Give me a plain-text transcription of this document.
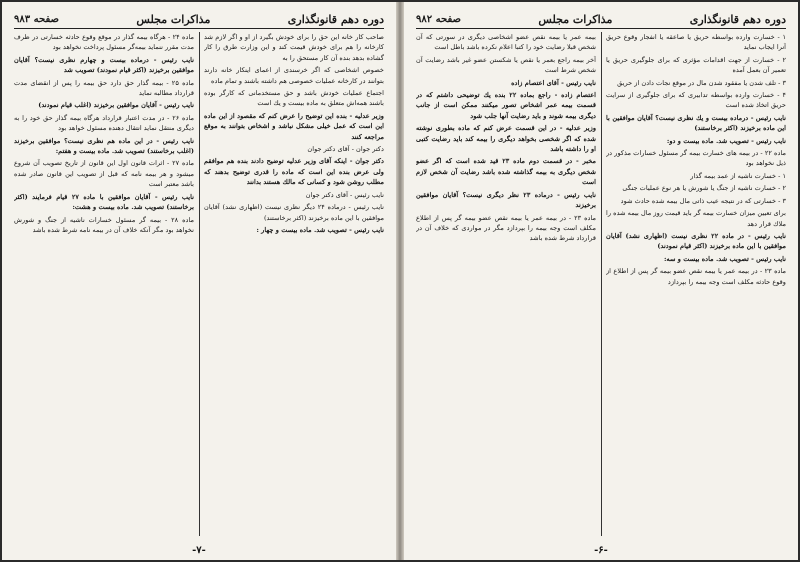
دوره دهم قانونگذاری
مذاكرات مجلس
صفحه ۹۸۳

صاحب كار خانه این حق را برای خودش بگیرد از او و اگر لازم شد كارخانه را هم برای خودش قیمت كند و این وزارت طرق را كار گشاده بدهد بنده آن كار مستحق را به

خصوص اشخاصی كه اگر خرسندی از اعمای اینكار خانه دارند بتوانند در كارخانه عملیات خصوصی هم داشته باشند و تمام ماده

اجتماع عملیات خودش باشد و حق مستخدمانی كه كارگر بوده باشند همه‌اش متعلق به ماده بیست و یك است

وزیر عدلیه - بنده این توضیح را عرض كنم كه مقصود از این ماده این است كه عمل خیلی مشكل نباشد و اشخاص بتوانند به موقع مراجعه كنند

دكتر جوان - آقای دكتر جوان

دکتر جوان - اینكه آقای وزیر عدلیه توضیح دادند بنده هم موافقم ولی عرض بنده این است كه ماده را قدری توضیح بدهند كه مطلب روشن شود و كسانی كه مالك هستند بدانند

نایب رئیس - آقای دكتر جوان

نایب رئیس - درماده ۲۴ دیگر نظری نیست (اظهاری نشد) آقایان موافقین با این ماده برخیزند (اكثر برخاستند)

نایب رئیس - تصویب شد. ماده بیست و چهار :

ماده ۲۴ - هرگاه بیمه گذار در موقع وقوع حادثه خسارتی در ظرف مدت مقرر ننماید بیمه‌گر مسئول پرداخت نخواهد بود

نایب رئیس - درماده بیست و چهارم نظری نیست؟ آقایان موافقین برخیزند (اكثر قیام نمودند) تصویب شد

ماده ۲۵ - بیمه گذار حق دارد حق بیمه را پس از انقضای مدت قرارداد مطالبه نماید

نایب رئیس - آقایان موافقین برخیزند (اغلب قیام نمودند)

ماده ۲۶ - در مدت اعتبار قرارداد هرگاه بیمه گذار حق خود را به دیگری منتقل نماید انتقال دهنده مسئول خواهد بود

نایب رئیس - در این ماده هم نظری نیست؟ موافقین برخیزند (اغلب برخاستند) تصویب شد. ماده بیست و هفتم:

ماده ۲۷ - اثرات قانون اول این قانون از تاریخ تصویب آن شروع میشود و هر بیمه نامه كه قبل از تصویب این قانون صادر شده باشد معتبر است

نایب رئیس - آقایان موافقین با ماده ۲۷ قیام فرمایند (اكثر برخاستند) تصویب شد. ماده بیست و هشت:

ماده ۲۸ - بیمه گر مسئول خسارات ناشیه از جنگ و شورش نخواهد بود مگر آنكه خلاف آن در بیمه نامه شرط شده باشد

-۷-
دوره دهم قانونگذاری
مذاكرات مجلس
صفحه ۹۸۲

۱ - خسارت وارده بواسطه حریق یا صاعقه یا انفجار وقوع حریق آنرا ایجاب نماید

۲ - خسارت از جهت اقدامات مؤثری كه برای جلوگیری حریق یا تعمیر آن بعمل آمده

۳ - تلف شدن یا مفقود شدن مال در موقع نجات دادن از حریق

۴ - خسارت وارده بواسطه تدابیری كه برای جلوگیری از سرایت حریق اتخاذ شده است

نایب رئیس - درماده بیست و یك نظری نیست؟ آقایان موافقین با این ماده برخیزند (اكثر برخاستند)

نایب رئیس - تصویب شد. ماده بیست و دو:

ماده ۲۲ - در بیمه های خسارت بیمه گر مسئول خسارات مذكور در ذیل نخواهد بود

۱ - خسارت ناشیه از عمد بیمه گذار

۲ - خسارت ناشیه از جنگ یا شورش یا هر نوع عملیات جنگی

۳ - خسارتی كه در نتیجه عیب ذاتی مال بیمه شده حادث شود

برای تعیین میزان خسارت بیمه گر باید قیمت روز مال بیمه شده را ملاك قرار دهد

نایب رئیس - در ماده ۲۲ نظری نیست (اظهاری نشد) آقایان موافقین با این ماده برخیزند (اكثر قیام نمودند)

نایب رئیس - تصویب شد. ماده بیست و سه:

ماده ۲۳ - در بیمه عمر یا بیمه نقص عضو بیمه گر پس از اطلاع از وقوع حادثه مكلف است وجه بیمه را بپردازد

بیمه عمر یا بیمه نقص عضو اشخاصی دیگری در سورتی كه آن شخص قبلا رضایت خود را كتبا اعلام نكرده باشد باطل است

آخر بیمه راجع بعمر یا نقص یا شكستن عضو غیر باشد رضایت آن شخص شرط است

نایب رئیس - آقای اعتصام زاده

اعتصام زاده - راجع بماده ۲۲ بنده یك توضیحی داشتم كه در قسمت بیمه عمر اشخاص تصور میكنند ممكن است از جانب دیگری بیمه شوند و باید رضایت آنها جلب شود

وزیر عدلیه - در این قسمت عرض كنم كه ماده بطوری نوشته شده كه اگر شخصی بخواهد دیگری را بیمه كند باید رضایت كتبی او را داشته باشد

مخبر - در قسمت دوم ماده ۲۳ قید شده است كه اگر عضو شخص دیگری به بیمه گذاشته شده باشد رضایت آن شخص لازم است

نایب رئیس - درماده ۲۳ نظر دیگری نیست؟ آقایان موافقین برخیزند

ماده ۲۳ - در بیمه عمر یا بیمه نقص عضو بیمه گر پس از اطلاع مكلف است وجه بیمه را بپردازد مگر در مواردی كه خلاف آن در قرارداد شرط شده باشد

-۶-
